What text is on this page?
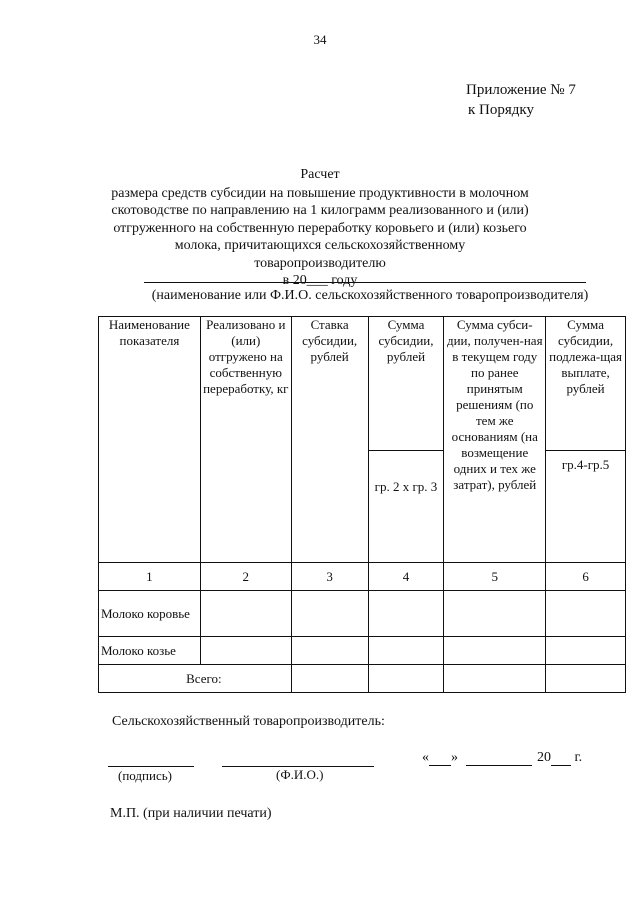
34
Приложение № 7

к Порядку
Расчет
размера средств субсидии на повышение продуктивности в молочном
скотоводстве по направлению на 1 килограмм реализованного и (или)
отгруженного на собственную переработку коровьего и (или) козьего
молока, причитающихся сельскохозяйственному товаропроизводителю
в 20___ году
(наименование или Ф.И.О. сельскохозяйственного товаропроизводителя)
Наименование показателя	Реализовано и (или) отгружено на собственную переработку, кг	Ставка субсидии, рублей	Сумма субсидии, рублей	Сумма субси-дии, получен-ная в текущем году по ранее принятым решениям (по тем же основаниям (на возмещение одних и тех же затрат), рублей	Сумма субсидии, подлежа-щая выплате, рублей
			гр. 2 x гр. 3		гр.4-гр.5
1	2	3	4	5	6
Молоко коровье					
Молоко козье					
Всего:					
Сельскохозяйственный товаропроизводитель:
(подпись)	(Ф.И.О.)
« »	20 г.
М.П. (при наличии печати)
